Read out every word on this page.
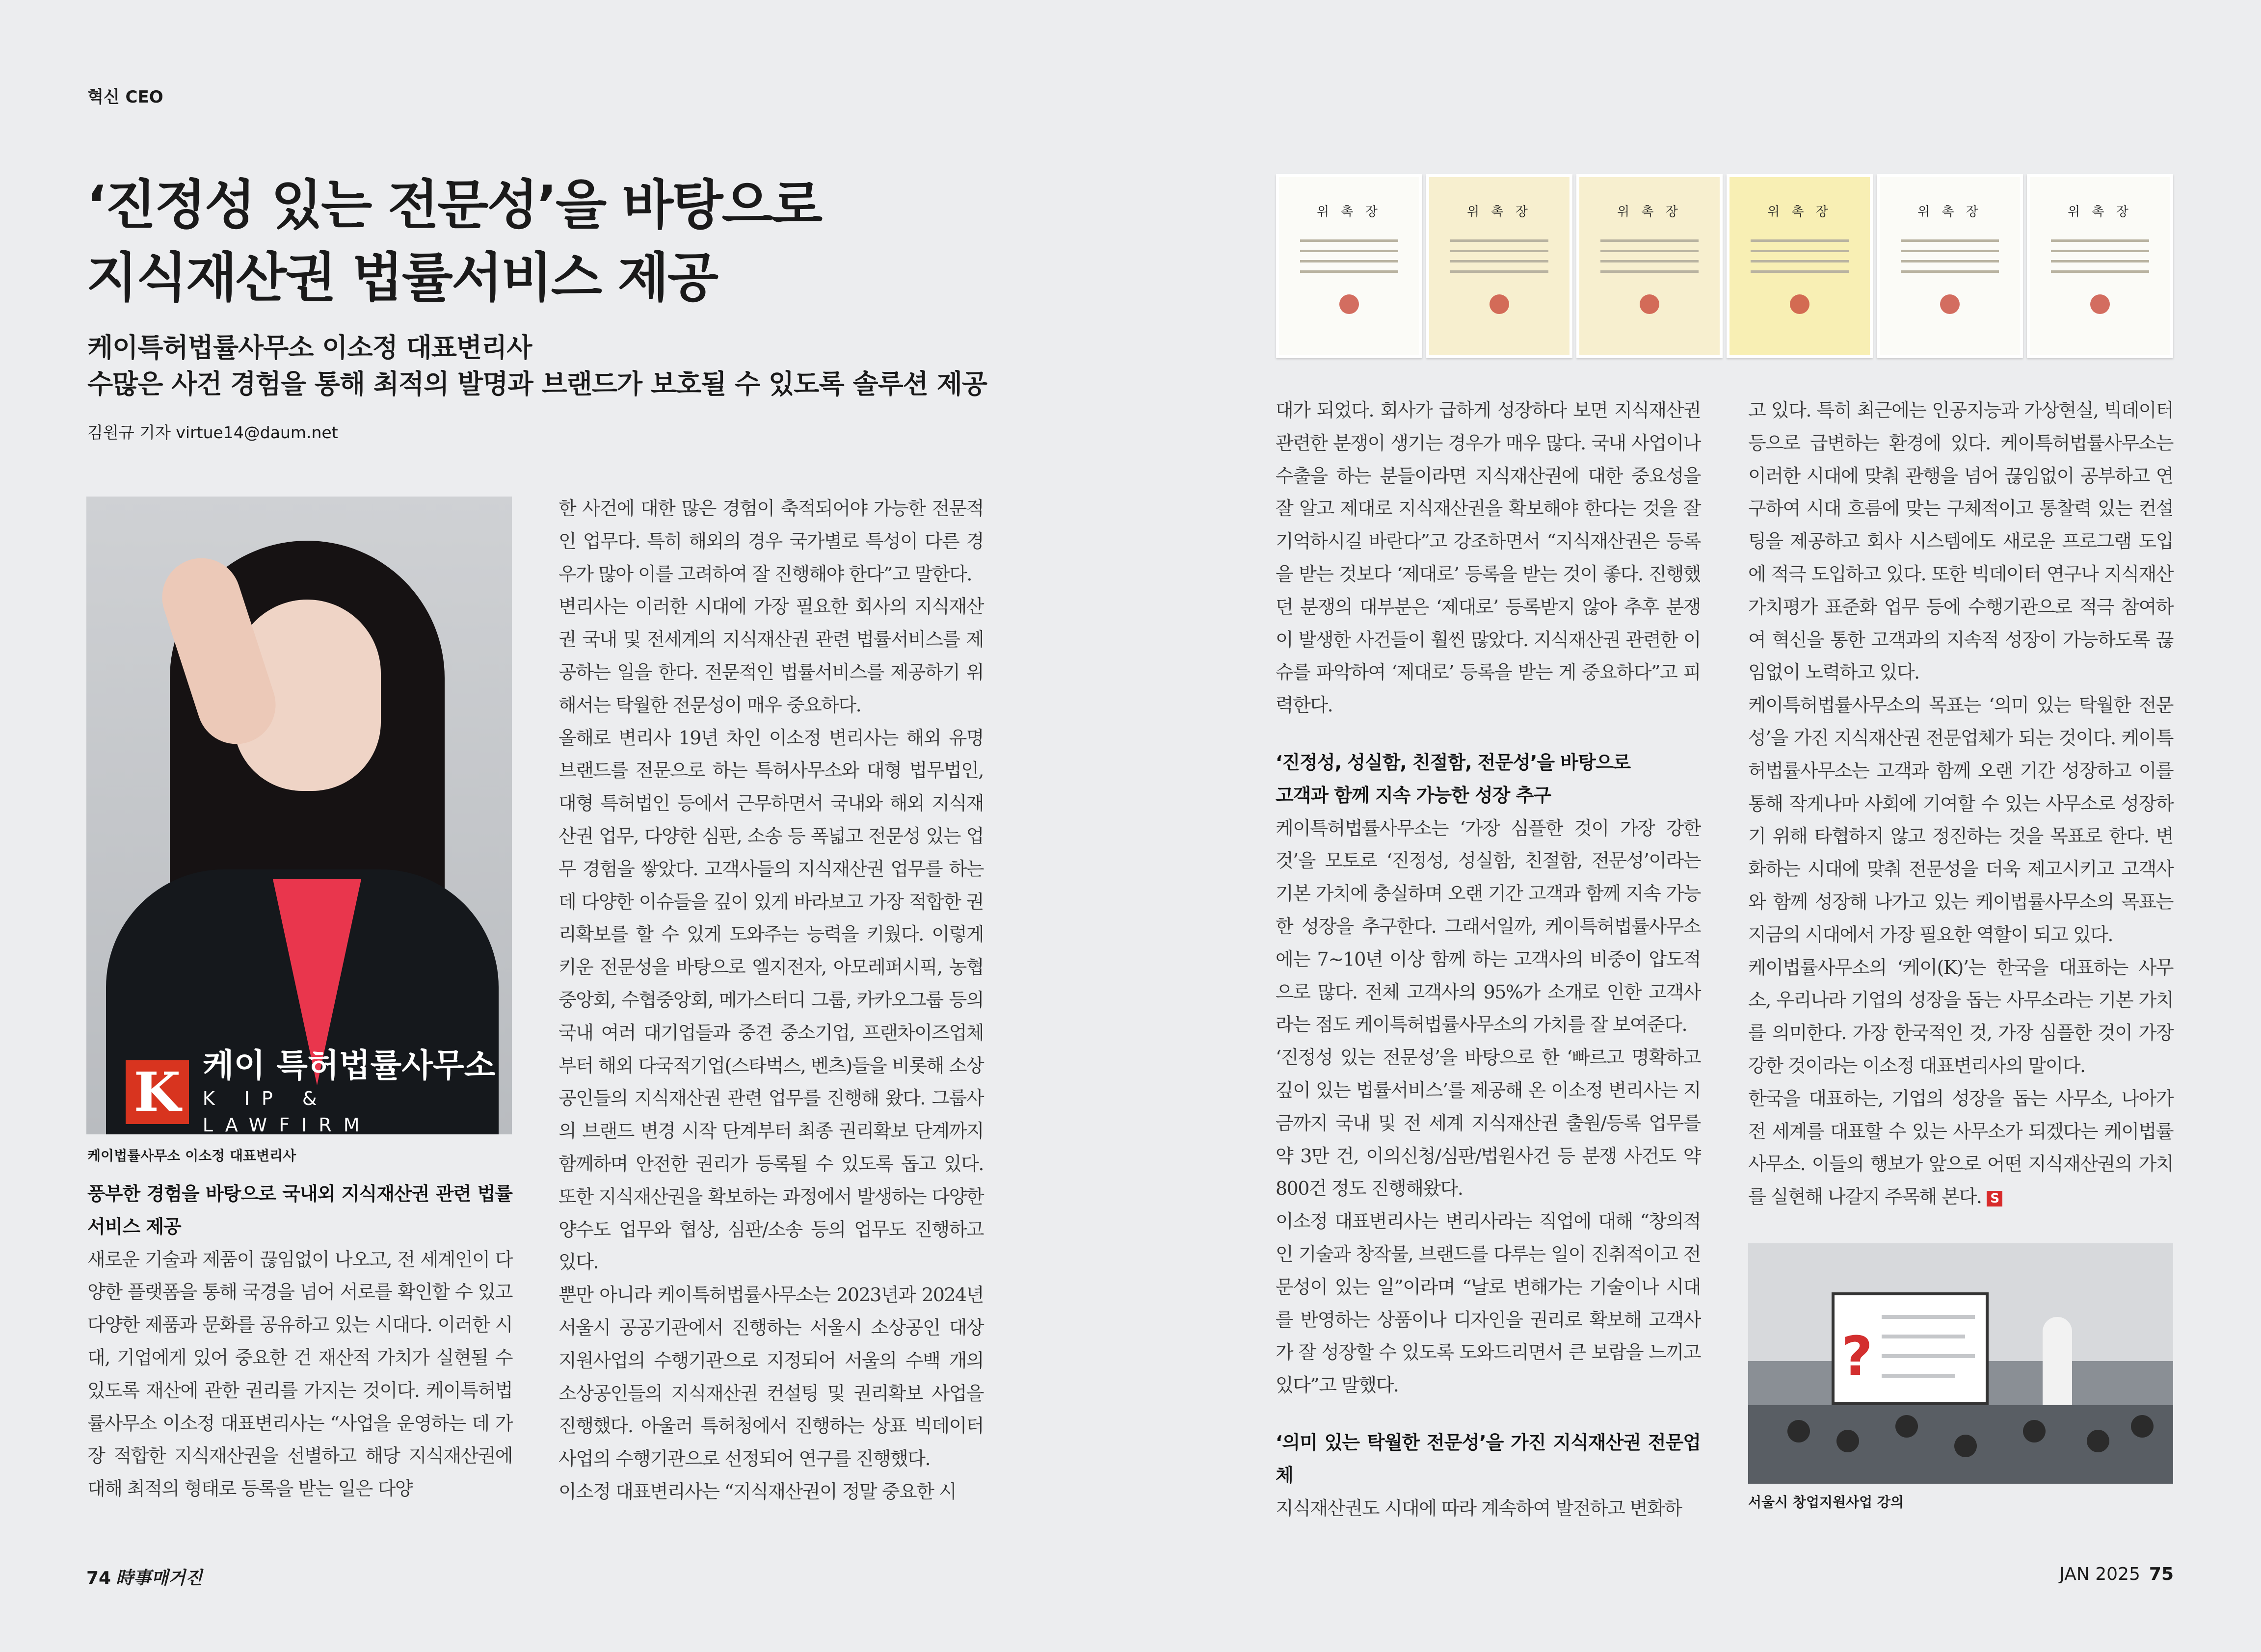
혁신 CEO
‘진정성 있는 전문성’을 바탕으로
지식재산권 법률서비스 제공
케이특허법률사무소 이소정 대표변리사
수많은 사건 경험을 통해 최적의 발명과 브랜드가 보호될 수 있도록 솔루션 제공
김원규 기자 virtue14@daum.net
K 케이 특허법률사무소
K IP & LAWFIRM
케이법률사무소 이소정 대표변리사

풍부한 경험을 바탕으로 국내외 지식재산권 관련 법률서비스 제공

새로운 기술과 제품이 끊임없이 나오고, 전 세계인이 다양한 플랫폼을 통해 국경을 넘어 서로를 확인할 수 있고 다양한 제품과 문화를 공유하고 있는 시대다. 이러한 시대, 기업에게 있어 중요한 건 재산적 가치가 실현될 수 있도록 재산에 관한 권리를 가지는 것이다. 케이특허법률사무소 이소정 대표변리사는 “사업을 운영하는 데 가장 적합한 지식재산권을 선별하고 해당 지식재산권에 대해 최적의 형태로 등록을 받는 일은 다양

한 사건에 대한 많은 경험이 축적되어야 가능한 전문적인 업무다. 특히 해외의 경우 국가별로 특성이 다른 경우가 많아 이를 고려하여 잘 진행해야 한다”고 말한다.

변리사는 이러한 시대에 가장 필요한 회사의 지식재산권 국내 및 전세계의 지식재산권 관련 법률서비스를 제공하는 일을 한다. 전문적인 법률서비스를 제공하기 위해서는 탁월한 전문성이 매우 중요하다.

올해로 변리사 19년 차인 이소정 변리사는 해외 유명 브랜드를 전문으로 하는 특허사무소와 대형 법무법인, 대형 특허법인 등에서 근무하면서 국내와 해외 지식재산권 업무, 다양한 심판, 소송 등 폭넓고 전문성 있는 업무 경험을 쌓았다. 고객사들의 지식재산권 업무를 하는데 다양한 이슈들을 깊이 있게 바라보고 가장 적합한 권리확보를 할 수 있게 도와주는 능력을 키웠다. 이렇게 키운 전문성을 바탕으로 엘지전자, 아모레퍼시픽, 농협중앙회, 수협중앙회, 메가스터디 그룹, 카카오그룹 등의 국내 여러 대기업들과 중견 중소기업, 프랜차이즈업체부터 해외 다국적기업(스타벅스, 벤츠)들을 비롯해 소상공인들의 지식재산권 관련 업무를 진행해 왔다. 그룹사의 브랜드 변경 시작 단계부터 최종 권리확보 단계까지 함께하며 안전한 권리가 등록될 수 있도록 돕고 있다. 또한 지식재산권을 확보하는 과정에서 발생하는 다양한 양수도 업무와 협상, 심판/소송 등의 업무도 진행하고 있다.

뿐만 아니라 케이특허법률사무소는 2023년과 2024년 서울시 공공기관에서 진행하는 서울시 소상공인 대상 지원사업의 수행기관으로 지정되어 서울의 수백 개의 소상공인들의 지식재산권 컨설팅 및 권리확보 사업을 진행했다. 아울러 특허청에서 진행하는 상표 빅데이터 사업의 수행기관으로 선정되어 연구를 진행했다.

이소정 대표변리사는 “지식재산권이 정말 중요한 시

위 촉 장	위 촉 장	위 촉 장	위 촉 장	위 촉 장	위 촉 장

대가 되었다. 회사가 급하게 성장하다 보면 지식재산권 관련한 분쟁이 생기는 경우가 매우 많다. 국내 사업이나 수출을 하는 분들이라면 지식재산권에 대한 중요성을 잘 알고 제대로 지식재산권을 확보해야 한다는 것을 잘 기억하시길 바란다”고 강조하면서 “지식재산권은 등록을 받는 것보다 ‘제대로’ 등록을 받는 것이 좋다. 진행했던 분쟁의 대부분은 ‘제대로’ 등록받지 않아 추후 분쟁이 발생한 사건들이 훨씬 많았다. 지식재산권 관련한 이슈를 파악하여 ‘제대로’ 등록을 받는 게 중요하다”고 피력한다.

‘진정성, 성실함, 친절함, 전문성’을 바탕으로

고객과 함께 지속 가능한 성장 추구

케이특허법률사무소는 ‘가장 심플한 것이 가장 강한 것’을 모토로 ‘진정성, 성실함, 친절함, 전문성’이라는 기본 가치에 충실하며 오랜 기간 고객과 함께 지속 가능한 성장을 추구한다. 그래서일까, 케이특허법률사무소에는 7~10년 이상 함께 하는 고객사의 비중이 압도적으로 많다. 전체 고객사의 95%가 소개로 인한 고객사라는 점도 케이특허법률사무소의 가치를 잘 보여준다.

‘진정성 있는 전문성’을 바탕으로 한 ‘빠르고 명확하고 깊이 있는 법률서비스’를 제공해 온 이소정 변리사는 지금까지 국내 및 전 세계 지식재산권 출원/등록 업무를 약 3만 건, 이의신청/심판/법원사건 등 분쟁 사건도 약 800건 정도 진행해왔다.

이소정 대표변리사는 변리사라는 직업에 대해 “창의적인 기술과 창작물, 브랜드를 다루는 일이 진취적이고 전문성이 있는 일”이라며 “날로 변해가는 기술이나 시대를 반영하는 상품이나 디자인을 권리로 확보해 고객사가 잘 성장할 수 있도록 도와드리면서 큰 보람을 느끼고 있다”고 말했다.

‘의미 있는 탁월한 전문성’을 가진 지식재산권 전문업체

지식재산권도 시대에 따라 계속하여 발전하고 변화하

고 있다. 특히 최근에는 인공지능과 가상현실, 빅데이터 등으로 급변하는 환경에 있다. 케이특허법률사무소는 이러한 시대에 맞춰 관행을 넘어 끊임없이 공부하고 연구하여 시대 흐름에 맞는 구체적이고 통찰력 있는 컨설팅을 제공하고 회사 시스템에도 새로운 프로그램 도입에 적극 도입하고 있다. 또한 빅데이터 연구나 지식재산 가치평가 표준화 업무 등에 수행기관으로 적극 참여하여 혁신을 통한 고객과의 지속적 성장이 가능하도록 끊임없이 노력하고 있다.

케이특허법률사무소의 목표는 ‘의미 있는 탁월한 전문성’을 가진 지식재산권 전문업체가 되는 것이다. 케이특허법률사무소는 고객과 함께 오랜 기간 성장하고 이를 통해 작게나마 사회에 기여할 수 있는 사무소로 성장하기 위해 타협하지 않고 정진하는 것을 목표로 한다. 변화하는 시대에 맞춰 전문성을 더욱 제고시키고 고객사와 함께 성장해 나가고 있는 케이법률사무소의 목표는 지금의 시대에서 가장 필요한 역할이 되고 있다.

케이법률사무소의 ‘케이(K)’는 한국을 대표하는 사무소, 우리나라 기업의 성장을 돕는 사무소라는 기본 가치를 의미한다. 가장 한국적인 것, 가장 심플한 것이 가장 강한 것이라는 이소정 대표변리사의 말이다.

한국을 대표하는, 기업의 성장을 돕는 사무소, 나아가 전 세계를 대표할 수 있는 사무소가 되겠다는 케이법률사무소. 이들의 행보가 앞으로 어떤 지식재산권의 가치를 실현해 나갈지 주목해 본다. S

?
서울시 창업지원사업 강의
74 時事매거진	JAN 2025 75
